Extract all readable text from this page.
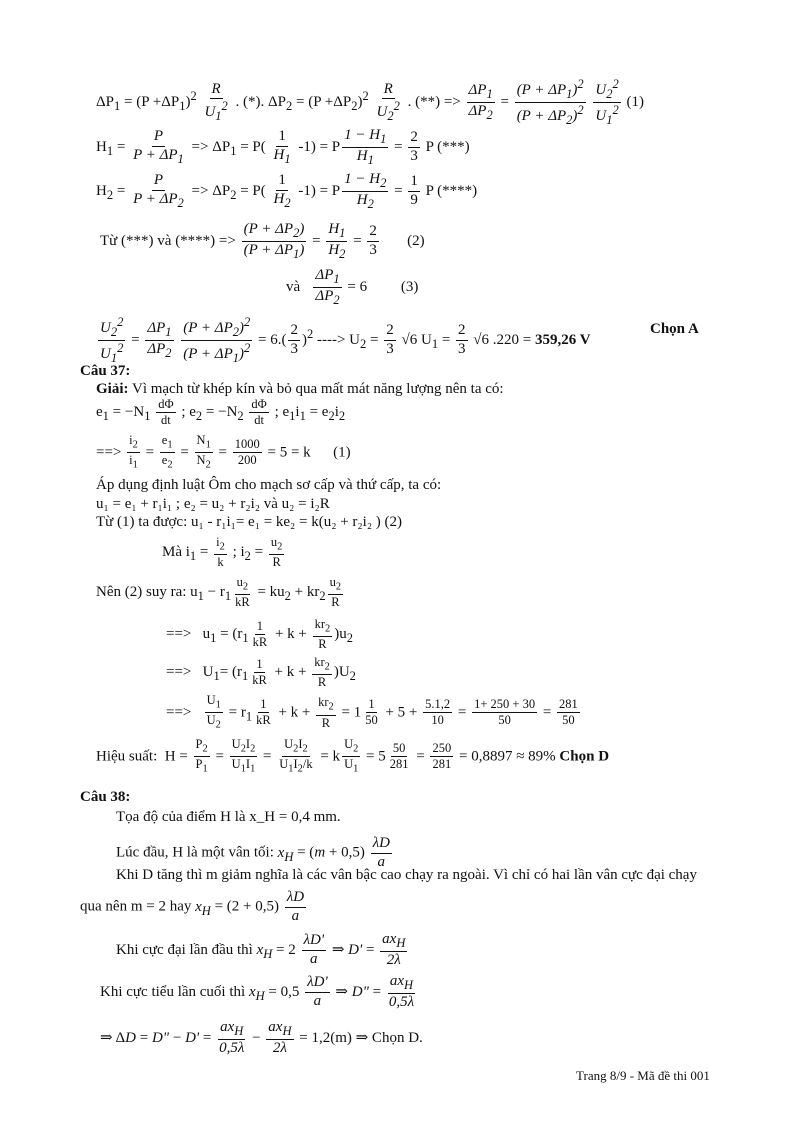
$\Delta P_1 = (P +\Delta P_1)^2 \frac{R}{U_1^2}$ . (*). $\Delta P_2 = (P +\Delta P_2)^2 \frac{R}{U_2^2}$ . (**) => $\frac{\Delta P_1}{\Delta P_2} = \frac{(P + \Delta P_1)^2}{(P + \Delta P_2)^2}$
$\frac{U_2^2}{U_1^2} (1)$
$H_1 = \frac{P}{P + \Delta P_1} => \Delta P_1 = P( \frac{1}{H_1} -1) = P \frac{1 - H_1}{H_1} = \frac{2}{3}$ P (***)
$H_2 = \frac{P}{P + \Delta P_2} => \Delta P_2 = P( \frac{1}{H_2} -1) = P \frac{1 - H_2}{H_2} = \frac{1}{9}$ P (****)
Từ (***) và (****) => $\frac{(P + \Delta P_2)}{(P + \Delta P_1)} = \frac{H_1}{H_2} = \frac{2}{3} (2)$
và $\frac{\Delta P_1}{\Delta P_2} = 6$         (3)
$\frac{U_2^2}{U_1^2} = \frac{\Delta P_1}{\Delta P_2}$
$\frac{(P + \Delta P_2)^2}{(P + \Delta P_1)^2} = 6.( \frac{2}{3} )^2$ ----> $U_2 = \frac{2}{3} √6$ $U_1 = \frac{2}{3} √6$ .220 = 359,26 V
Chọn A
Câu 37:
Giải: Vì mạch từ khép kín và bỏ qua mất mát năng lượng nên ta có:
$e_1 = -N_1 \frac{d\Phi}{dt}$ ; $e_2 = -N_2 \frac{d\Phi}{dt}$ ; $e_1i_1 = e_2i_2$
==> $\frac{i_2}{i_1} = \frac{e_1}{e_2} = \frac{N_1}{N_2} = \frac{1000}{200} = 5 = k$      (1)
Áp dụng định luật Ôm cho mạch sơ cấp và thứ cấp, ta có:
u₁ = e₁ + r₁i₁ ; e₂ = u₂ + r₂i₂ và u₂ = i₂R
Từ (1) ta được: u₁ - r₁i₁= e₁ = ke₂ = k(u₂ + r₂i₂ ) (2)
Mà $i_1 = \frac{i_2}{k}$ ; $i_2 = \frac{u_2}{R}$
Nên (2) suy ra: $u_1 - r_1 \frac{u_2}{kR} = ku_2 + kr_2 \frac{u_2}{R}$
==>   $u_1 = (r_1 \frac{1}{kR} + k + \frac{kr_2}{R} )u_2$
==>   $U_1= (r_1 \frac{1}{kR} + k + \frac{kr_2}{R} )U_2$
==> $\frac{U_1}{U_2} = r_1 \frac{1}{kR} + k + \frac{kr_2}{R} = 1 \frac{1}{50} + 5 + \frac{5.1,2}{10} = \frac{1+ 250 + 30}{50} = \frac{281}{50}$
Hiệu suất:  $H = \frac{P_2}{P_1} = \frac{U_2I_2}{U_1I_1} = \frac{U_2I_2}{U_1I_2/k} = k \frac{U_2}{U_1} = 5 \frac{50}{281} = \frac{250}{281} = 0,8897 \approx 89\%$ Chọn D
Câu 38:
Tọa độ của điểm H là x_H = 0,4 mm.
Lúc đầu, H là một vân tối: $x_H = (m + 0,5) \frac{\lambda D}{a}$
Khi D tăng thì m giảm nghĩa là các vân bậc cao chạy ra ngoài. Vì chỉ có hai lần vân cực đại chạy
qua nên m = 2 hay $x_H = (2 + 0,5) \frac{\lambda D}{a}$
Khi cực đại lần đầu thì $x_H = 2 \frac{\lambda D'}{a}$ ⇒ $D' = \frac{ax_H}{2\lambda}$
Khi cực tiểu lần cuối thì $x_H = 0,5 \frac{\lambda D'}{a}$ ⇒ D" = $\frac{ax_H}{0,5\lambda}$
⇒ ΔD = D" − $D' = \frac{ax_H}{0,5\lambda} - \frac{ax_H}{2\lambda} = 1,2(m)$ ⇒ Chọn D.
Trang 8/9 - Mã đề thi 001
